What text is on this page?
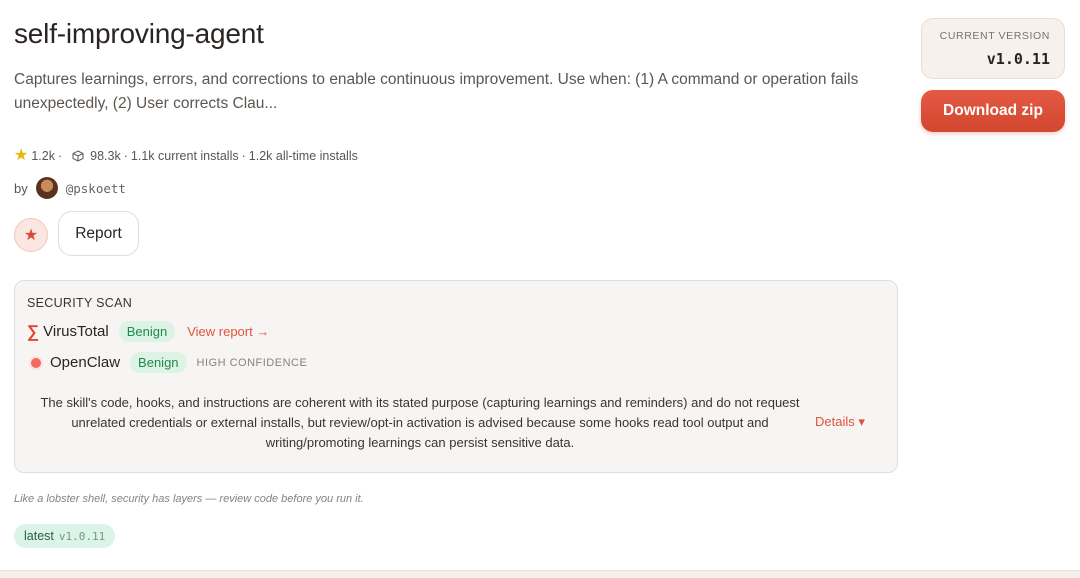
self-improving-agent

Captures learnings, errors, and corrections to enable continuous improvement. Use when: (1) A command or operation fails unexpectedly, (2) User corrects Clau...

★ 1.2k · 98.3k · 1.1k current installs · 1.2k all-time installs
by	@pskoett
★	Report
CURRENT VERSION
v1.0.11
Download zip
SECURITY SCAN
∑ VirusTotal	Benign	View report →
OpenClaw	Benign	HIGH CONFIDENCE

The skill's code, hooks, and instructions are coherent with its stated purpose (capturing learnings and reminders) and do not request unrelated credentials or external installs, but review/opt-in activation is advised because some hooks read tool output and writing/promoting learnings can persist sensitive data.

Details ▾
Like a lobster shell, security has layers — review code before you run it.
latest v1.0.11
